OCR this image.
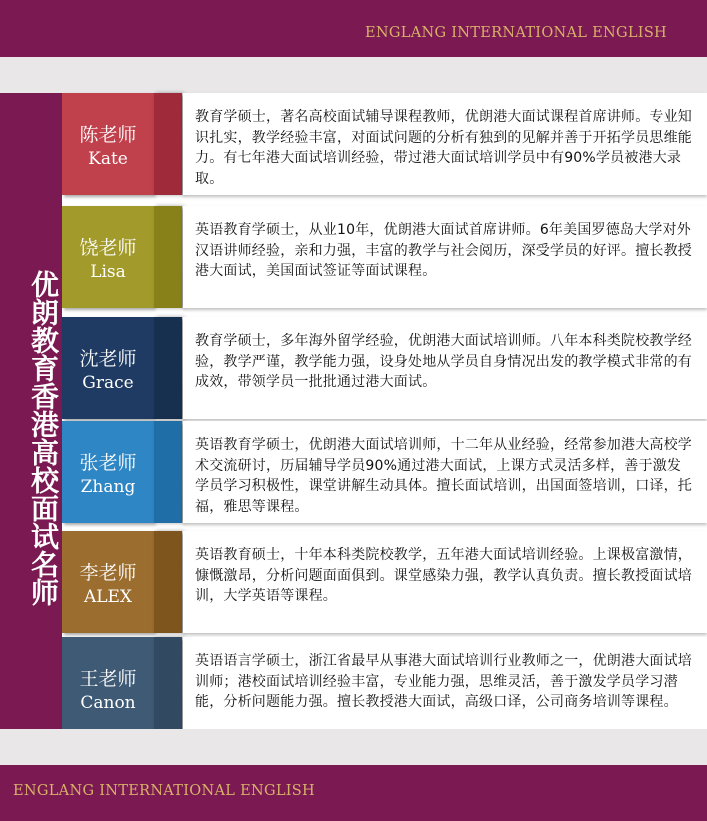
ENGLANG INTERNATIONAL ENGLISH
优朗教育香港高校面试名师
陈老师
Kate
教育学硕士，著名高校面试辅导课程教师，优朗港大面试课程首席讲师。专业知识扎实，教学经验丰富，对面试问题的分析有独到的见解并善于开拓学员思维能力。有七年港大面试培训经验，带过港大面试培训学员中有90%学员被港大录取。
饶老师
Lisa
英语教育学硕士，从业10年，优朗港大面试首席讲师。6年美国罗德岛大学对外汉语讲师经验，亲和力强，丰富的教学与社会阅历，深受学员的好评。擅长教授港大面试，美国面试签证等面试课程。
沈老师
Grace
教育学硕士，多年海外留学经验，优朗港大面试培训师。八年本科类院校教学经验，教学严谨，教学能力强，设身处地从学员自身情况出发的教学模式非常的有成效，带领学员一批批通过港大面试。
张老师
Zhang
英语教育学硕士，优朗港大面试培训师，十二年从业经验，经常参加港大高校学术交流研讨，历届辅导学员90%通过港大面试，上课方式灵活多样，善于激发学员学习积极性，课堂讲解生动具体。擅长面试培训，出国面签培训，口译，托福，雅思等课程。
李老师
ALEX
英语教育硕士，十年本科类院校教学，五年港大面试培训经验。上课极富激情，慷慨激昂，分析问题面面俱到。课堂感染力强，教学认真负责。擅长教授面试培训，大学英语等课程。
王老师
Canon
英语语言学硕士，浙江省最早从事港大面试培训行业教师之一，优朗港大面试培训师；港校面试培训经验丰富，专业能力强，思维灵活，善于激发学员学习潜能，分析问题能力强。擅长教授港大面试，高级口译，公司商务培训等课程。
ENGLANG INTERNATIONAL ENGLISH
